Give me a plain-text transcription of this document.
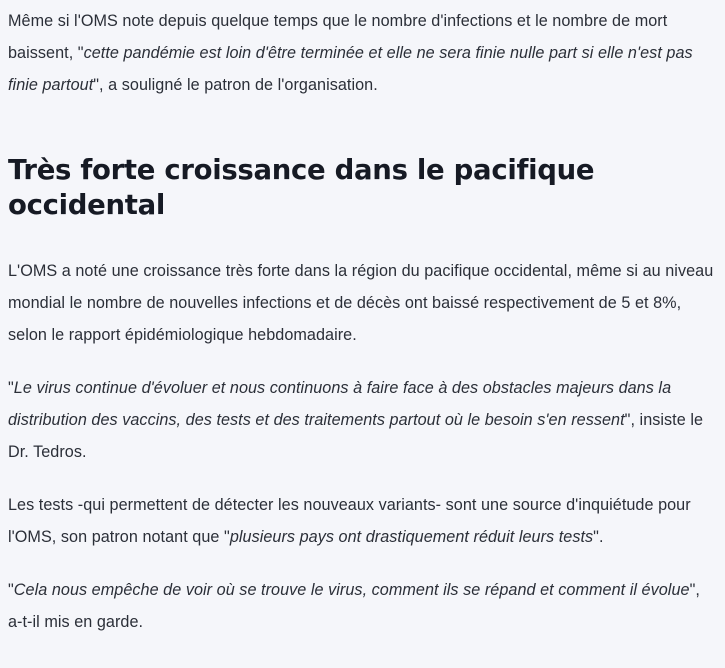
Même si l'OMS note depuis quelque temps que le nombre d'infections et le nombre de mort baissent, "cette pandémie est loin d'être terminée et elle ne sera finie nulle part si elle n'est pas finie partout", a souligné le patron de l'organisation.

Très forte croissance dans le pacifique occidental

L'OMS a noté une croissance très forte dans la région du pacifique occidental, même si au niveau mondial le nombre de nouvelles infections et de décès ont baissé respectivement de 5 et 8%, selon le rapport épidémiologique hebdomadaire.

"Le virus continue d'évoluer et nous continuons à faire face à des obstacles majeurs dans la distribution des vaccins, des tests et des traitements partout où le besoin s'en ressent", insiste le Dr. Tedros.

Les tests -qui permettent de détecter les nouveaux variants- sont une source d'inquiétude pour l'OMS, son patron notant que "plusieurs pays ont drastiquement réduit leurs tests".

"Cela nous empêche de voir où se trouve le virus, comment ils se répand et comment il évolue", a-t-il mis en garde.
